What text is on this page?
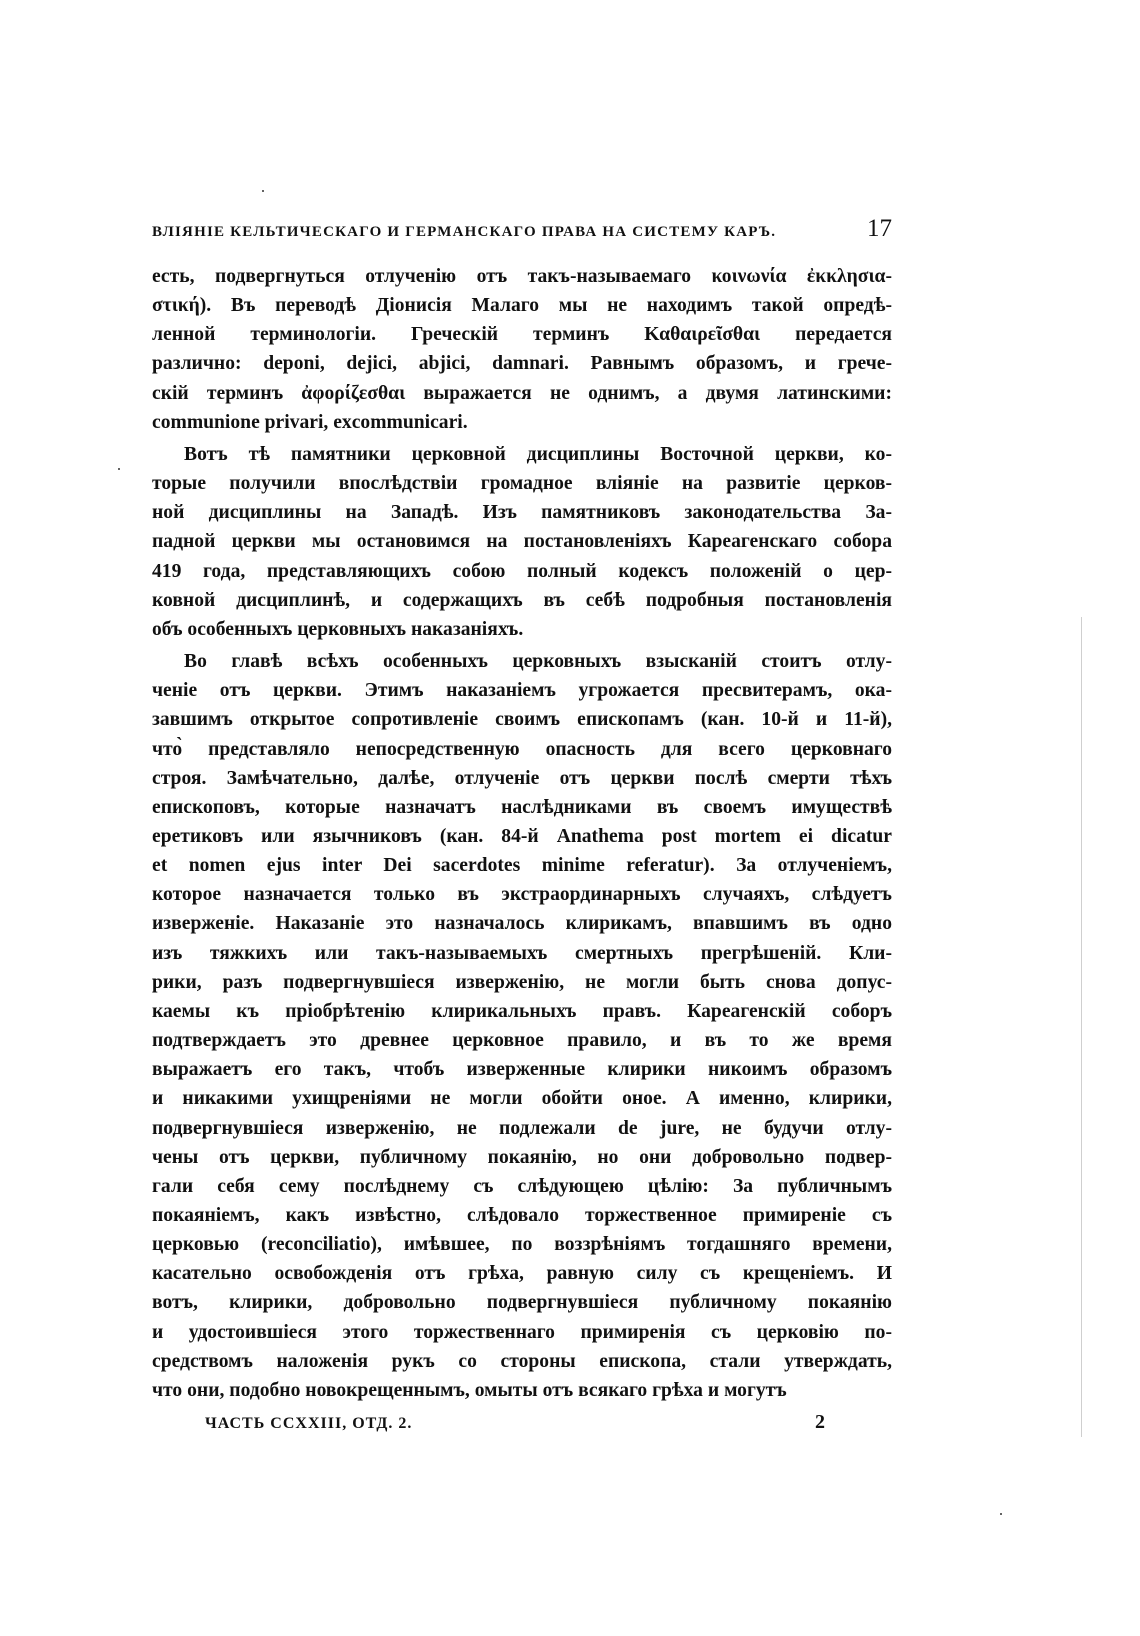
ВЛІЯНІЕ КЕЛЬТИЧЕСКАГО И ГЕРМАНСКАГО ПРАВА НА СИСТЕМУ КАРЪ.	17
есть, подвергнуться отлученію отъ такъ-называемаго κοινωνία ἐκκλησια-
στική). Въ переводѣ Діонисія Малаго мы не находимъ такой опредѣ-
ленной терминологіи. Греческій терминъ Καθαιρεῖσθαι передается
различно: deponi, dejici, abjici, damnari. Равнымъ образомъ, и грече-
скій терминъ ἀφορίζεσθαι выражается не однимъ, а двумя латинскими:
communione privari, excommunicari.
Вотъ тѣ памятники церковной дисциплины Восточной церкви, ко-
торые получили впослѣдствіи громадное вліяніе на развитіе церков-
ной дисциплины на Западѣ. Изъ памятниковъ законодательства За-
падной церкви мы остановимся на постановленіяхъ Кареагенскаго собора
419 года, представляющихъ собою полный кодексъ положеній о цер-
ковной дисциплинѣ, и содержащихъ въ себѣ подробныя постановленія
объ особенныхъ церковныхъ наказаніяхъ.
Во главѣ всѣхъ особенныхъ церковныхъ взысканій стоитъ отлу-
ченіе отъ церкви. Этимъ наказаніемъ угрожается пресвитерамъ, ока-
завшимъ открытое сопротивленіе своимъ епископамъ (кан. 10-й и 11-й),
что̀ представляло непосредственную опасность для всего церковнаго
строя. Замѣчательно, далѣе, отлученіе отъ церкви послѣ смерти тѣхъ
епископовъ, которые назначатъ наслѣдниками въ своемъ имуществѣ
еретиковъ или язычниковъ (кан. 84-й Anathema post mortem ei dicatur
et nomen ejus inter Dei sacerdotes minime referatur). За отлученіемъ,
которое назначается только въ экстраординарныхъ случаяхъ, слѣдуетъ
изверженіе. Наказаніе это назначалось клирикамъ, впавшимъ въ одно
изъ тяжкихъ или такъ-называемыхъ смертныхъ прегрѣшеній. Кли-
рики, разъ подвергнувшіеся изверженію, не могли быть снова допус-
каемы къ пріобрѣтенію клирикальныхъ правъ. Кареагенскій соборъ
подтверждаетъ это древнее церковное правило, и въ то же время
выражаетъ его такъ, чтобъ изверженные клирики никоимъ образомъ
и никакими ухищреніями не могли обойти оное. А именно, клирики,
подвергнувшіеся изверженію, не подлежали de jure, не будучи отлу-
чены отъ церкви, публичному покаянію, но они добровольно подвер-
гали себя сему послѣднему съ слѣдующею цѣлію: За публичнымъ
покаяніемъ, какъ извѣстно, слѣдовало торжественное примиреніе съ
церковью (reconciliatio), имѣвшее, по воззрѣніямъ тогдашняго времени,
касательно освобожденія отъ грѣха, равную силу съ крещеніемъ. И
вотъ, клирики, добровольно подвергнувшіеся публичному покаянію
и удостоившіеся этого торжественнаго примиренія съ церковію по-
средствомъ наложенія рукъ со стороны епископа, стали утверждать,
что они, подобно новокрещеннымъ, омыты отъ всякаго грѣха и могутъ
ЧАСТЬ CCXXIII, ОТД. 2.	2
